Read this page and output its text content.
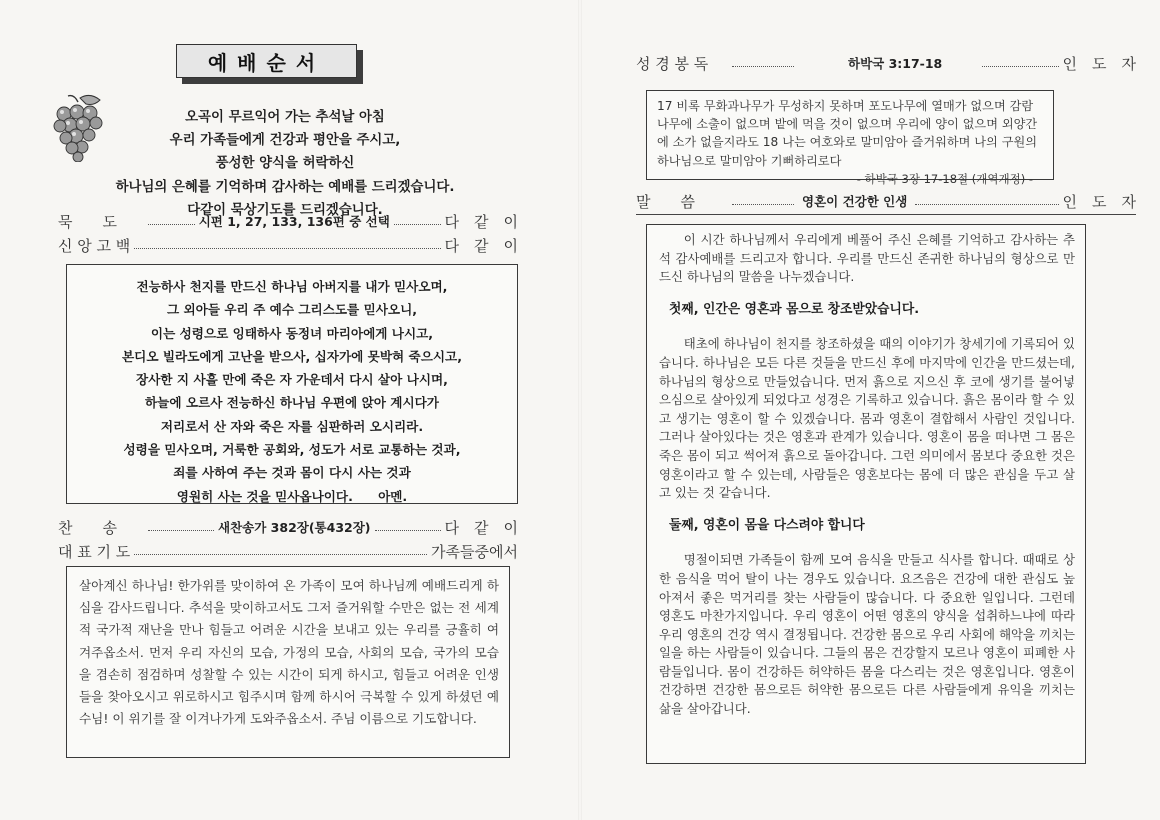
예배순서
오곡이 무르익어 가는 추석날 아침
우리 가족들에게 건강과 평안을 주시고,
풍성한 양식을 허락하신
하나님의 은혜를 기억하며 감사하는 예배를 드리겠습니다.
다같이 묵상기도를 드리겠습니다.
묵　　도	시편 1, 27, 133, 136편 중 선택	다　같　이
신 앙 고 백	다　같　이
전능하사 천지를 만드신 하나님 아버지를 내가 믿사오며,
그 외아들 우리 주 예수 그리스도를 믿사오니,
이는 성령으로 잉태하사 동정녀 마리아에게 나시고,
본디오 빌라도에게 고난을 받으사, 십자가에 못박혀 죽으시고,
장사한 지 사흘 만에 죽은 자 가운데서 다시 살아 나시며,
하늘에 오르사 전능하신 하나님 우편에 앉아 계시다가
저리로서 산 자와 죽은 자를 심판하러 오시리라.
성령을 믿사오며, 거룩한 공회와, 성도가 서로 교통하는 것과,
죄를 사하여 주는 것과 몸이 다시 사는 것과
영원히 사는 것을 믿사옵나이다.　　아멘.
찬　　송	새찬송가 382장(통432장)	다　같　이
대 표 기 도	가족들중에서

살아계신 하나님! 한가위를 맞이하여 온 가족이 모여 하나님께 예배드리게 하심을 감사드립니다. 추석을 맞이하고서도 그저 즐거워할 수만은 없는 전 세계적 국가적 재난을 만나 힘들고 어려운 시간을 보내고 있는 우리를 긍휼히 여겨주옵소서. 먼저 우리 자신의 모습, 가정의 모습, 사회의 모습, 국가의 모습을 겸손히 점검하며 성찰할 수 있는 시간이 되게 하시고, 힘들고 어려운 인생들을 찾아오시고 위로하시고 힘주시며 함께 하시어 극복할 수 있게 하셨던 예수님! 이 위기를 잘 이겨나가게 도와주옵소서. 주님 이름으로 기도합니다.

성 경 봉 독	하박국 3:17-18	인　도　자
말　　씀	영혼이 건강한 인생	인　도　자
17 비록 무화과나무가 무성하지 못하며 포도나무에 열매가 없으며 감람나무에 소출이 없으며 밭에 먹을 것이 없으며 우리에 양이 없으며 외양간에 소가 없을지라도 18 나는 여호와로 말미암아 즐거워하며 나의 구원의 하나님으로 말미암아 기뻐하리로다
- 하박국 3장 17-18절 (개역개정) -

이 시간 하나님께서 우리에게 베풀어 주신 은혜를 기억하고 감사하는 추석 감사예배를 드리고자 합니다. 우리를 만드신 존귀한 하나님의 형상으로 만드신 하나님의 말씀을 나누겠습니다.

첫째, 인간은 영혼과 몸으로 창조받았습니다.

태초에 하나님이 천지를 창조하셨을 때의 이야기가 창세기에 기록되어 있습니다. 하나님은 모든 다른 것들을 만드신 후에 마지막에 인간을 만드셨는데, 하나님의 형상으로 만들었습니다. 먼저 흙으로 지으신 후 코에 생기를 불어넣으심으로 살아있게 되었다고 성경은 기록하고 있습니다. 흙은 몸이라 할 수 있고 생기는 영혼이 할 수 있겠습니다. 몸과 영혼이 결합해서 사람인 것입니다. 그러나 살아있다는 것은 영혼과 관계가 있습니다. 영혼이 몸을 떠나면 그 몸은 죽은 몸이 되고 썩어져 흙으로 돌아갑니다. 그런 의미에서 몸보다 중요한 것은 영혼이라고 할 수 있는데, 사람들은 영혼보다는 몸에 더 많은 관심을 두고 살고 있는 것 같습니다.

둘째, 영혼이 몸을 다스려야 합니다

명절이되면 가족들이 함께 모여 음식을 만들고 식사를 합니다. 때때로 상한 음식을 먹어 탈이 나는 경우도 있습니다. 요즈음은 건강에 대한 관심도 높아져서 좋은 먹거리를 찾는 사람들이 많습니다. 다 중요한 일입니다. 그런데 영혼도 마찬가지입니다. 우리 영혼이 어떤 영혼의 양식을 섭취하느냐에 따라 우리 영혼의 건강 역시 결정됩니다. 건강한 몸으로 우리 사회에 해악을 끼치는 일을 하는 사람들이 있습니다. 그들의 몸은 건강할지 모르나 영혼이 피폐한 사람들입니다. 몸이 건강하든 허약하든 몸을 다스리는 것은 영혼입니다. 영혼이 건강하면 건강한 몸으로든 허약한 몸으로든 다른 사람들에게 유익을 끼치는 삶을 살아갑니다.
